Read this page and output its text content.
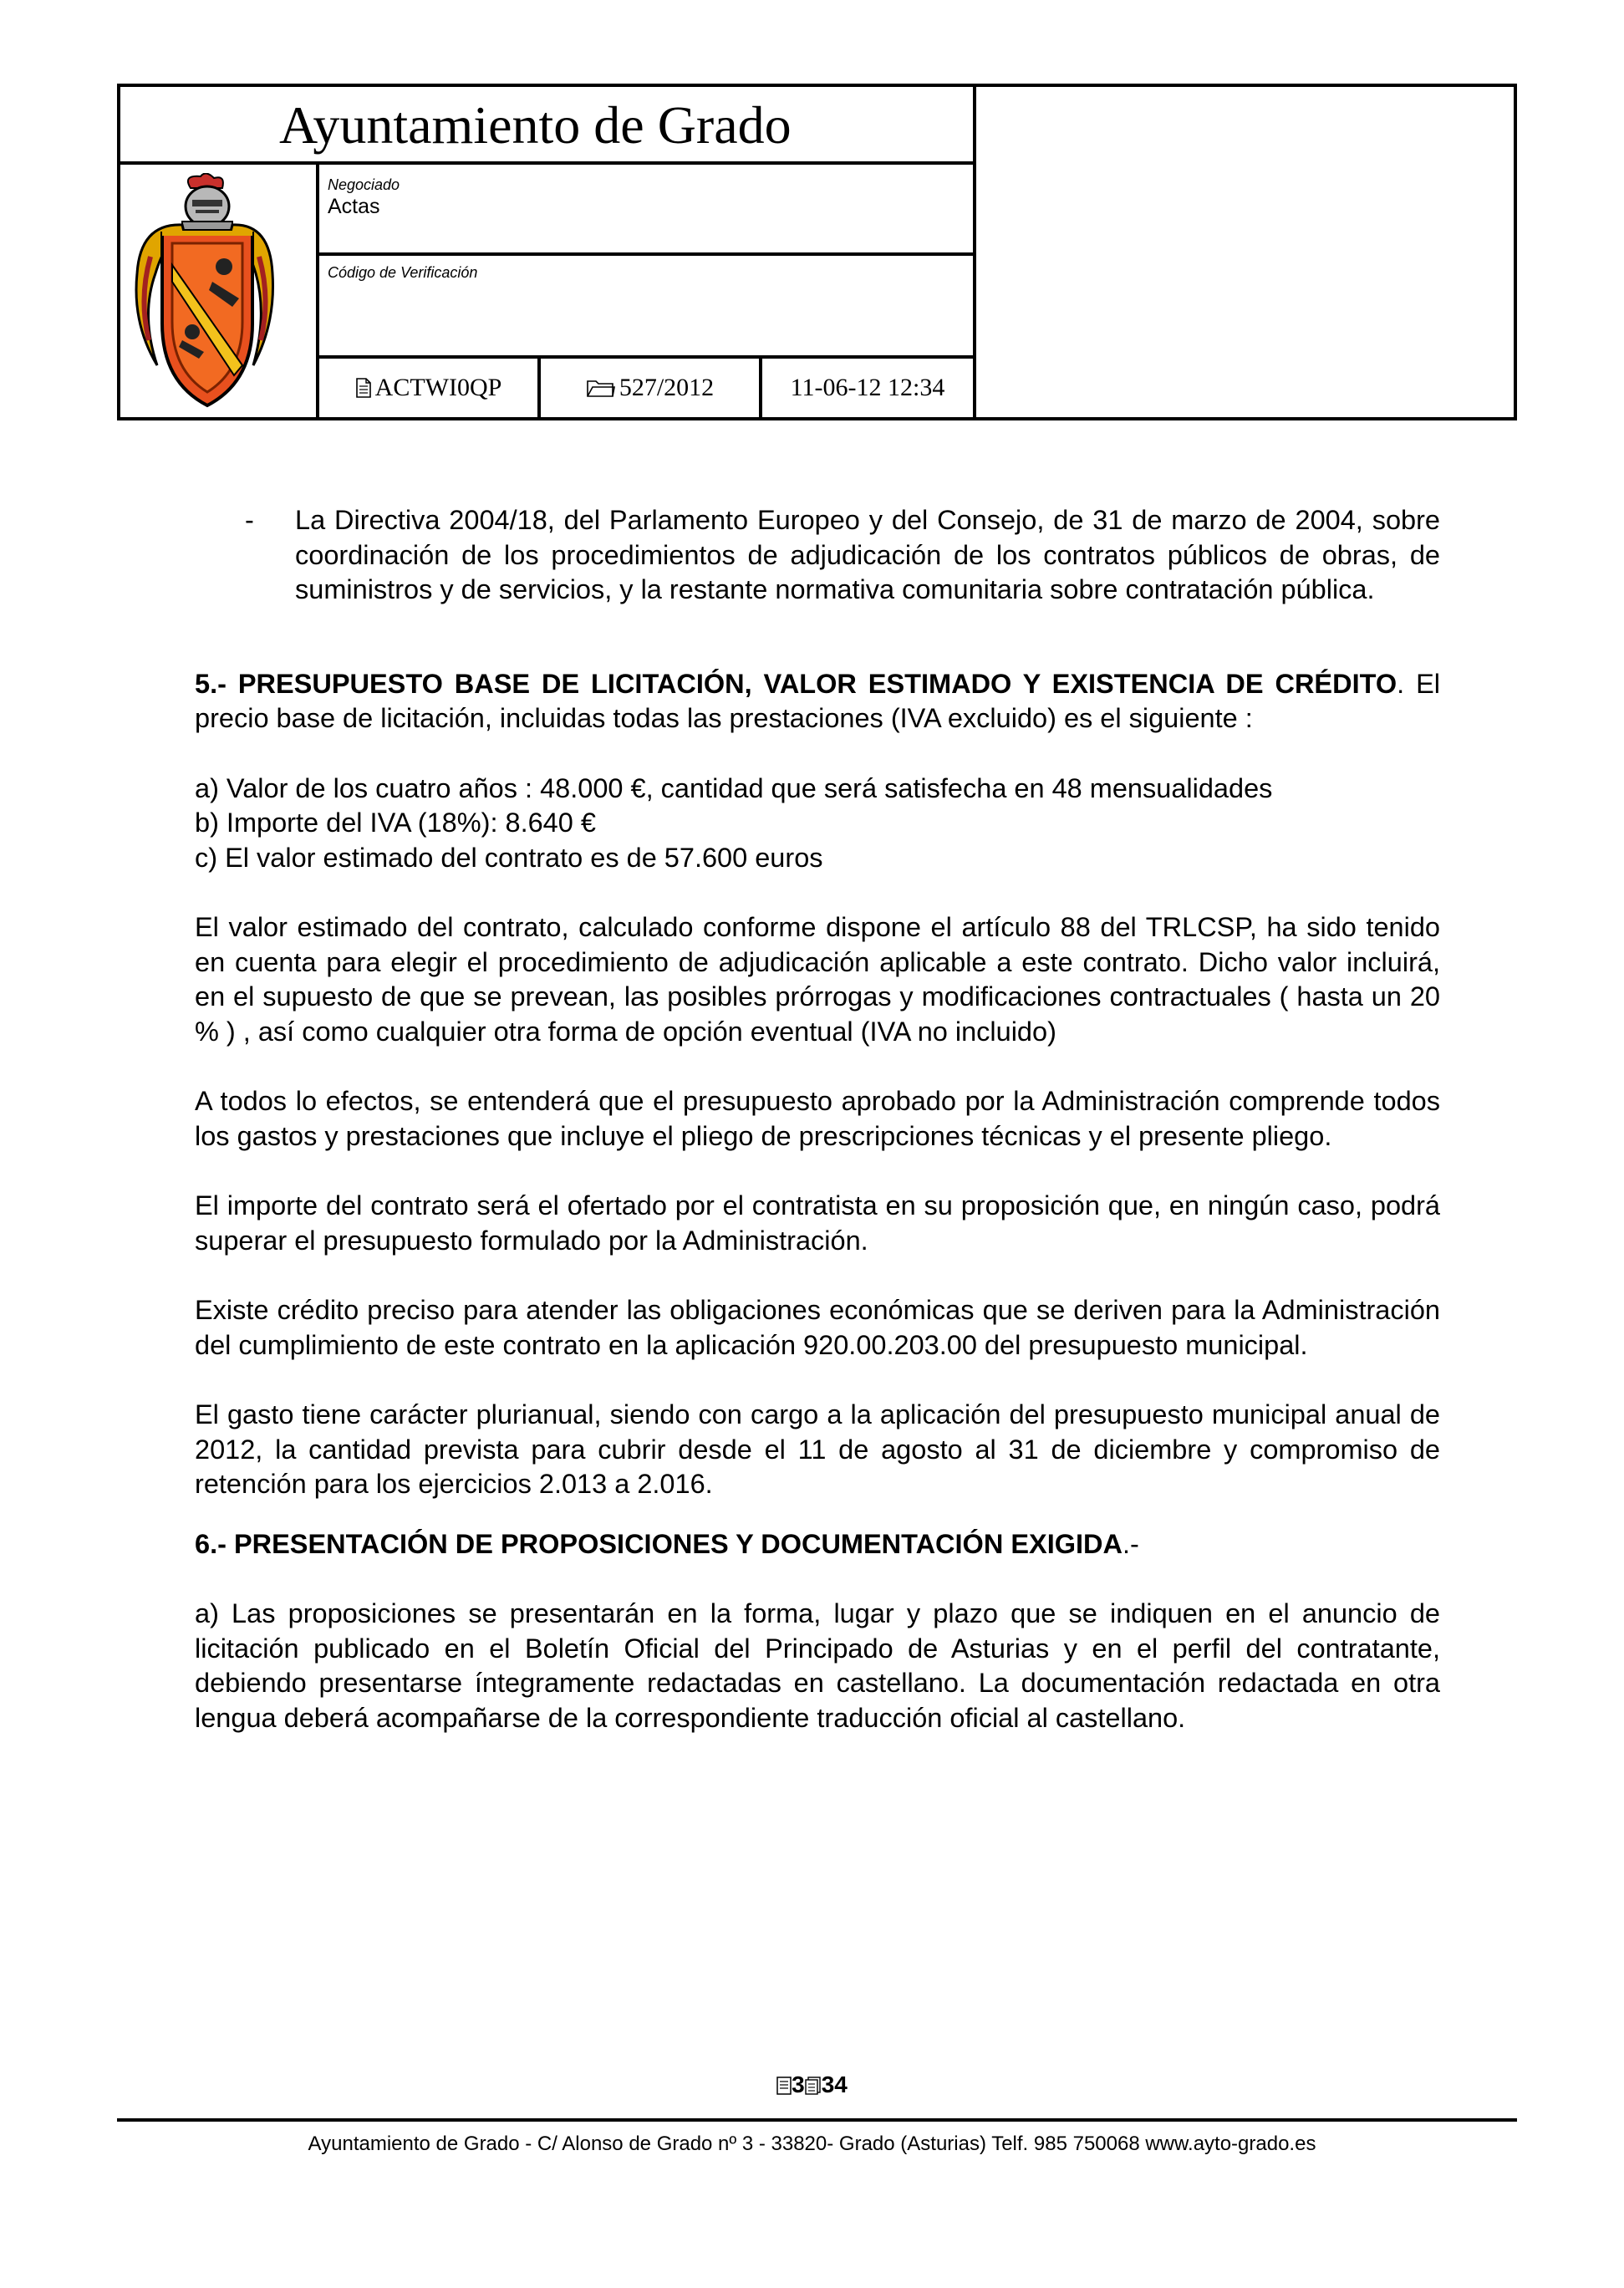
Ayuntamiento de Grado
Negociado
Actas
Código de Verificación
ACTWI0QP	527/2012	11-06-12 12:34
- La Directiva 2004/18, del Parlamento Europeo y del Consejo, de 31 de marzo de 2004, sobre coordinación de los procedimientos de adjudicación de los contratos públicos de obras, de suministros y de servicios, y la restante normativa comunitaria sobre contratación pública.

5.- PRESUPUESTO BASE DE LICITACIÓN, VALOR ESTIMADO Y EXISTENCIA DE CRÉDITO. El precio base de licitación, incluidas todas las prestaciones (IVA excluido) es el siguiente :

a) Valor de los cuatro años : 48.000 €, cantidad que será satisfecha en 48 mensualidades

b) Importe del IVA (18%): 8.640 €

c) El valor estimado del contrato es de 57.600 euros

El valor estimado del contrato, calculado conforme dispone el artículo 88 del TRLCSP, ha sido tenido en cuenta para elegir el procedimiento de adjudicación aplicable a este contrato. Dicho valor incluirá, en el supuesto de que se prevean, las posibles prórrogas y modificaciones contractuales ( hasta un 20 % ) , así como cualquier otra forma de opción eventual (IVA no incluido)

A todos lo efectos, se entenderá que el presupuesto aprobado por la Administración comprende todos los gastos y prestaciones que incluye el pliego de prescripciones técnicas y el presente pliego.

El importe del contrato será el ofertado por el contratista en su proposición que, en ningún caso, podrá superar el presupuesto formulado por la Administración.

Existe crédito preciso para atender las obligaciones económicas que se deriven para la Administración del cumplimiento de este contrato en la aplicación 920.00.203.00 del presupuesto municipal.

El gasto tiene carácter plurianual, siendo con cargo a la aplicación del presupuesto municipal anual de 2012, la cantidad prevista para cubrir desde el 11 de agosto al 31 de diciembre y compromiso de retención para los ejercicios 2.013 a 2.016.

6.- PRESENTACIÓN DE PROPOSICIONES Y DOCUMENTACIÓN EXIGIDA.-

a) Las proposiciones se presentarán en la forma, lugar y plazo que se indiquen en el anuncio de licitación publicado en el Boletín Oficial del Principado de Asturias y en el perfil del contratante, debiendo presentarse íntegramente redactadas en castellano. La documentación redactada en otra lengua deberá acompañarse de la correspondiente traducción oficial al castellano.

3 34
Ayuntamiento de Grado - C/ Alonso de Grado nº 3 - 33820- Grado (Asturias) Telf. 985 750068 www.ayto-grado.es
